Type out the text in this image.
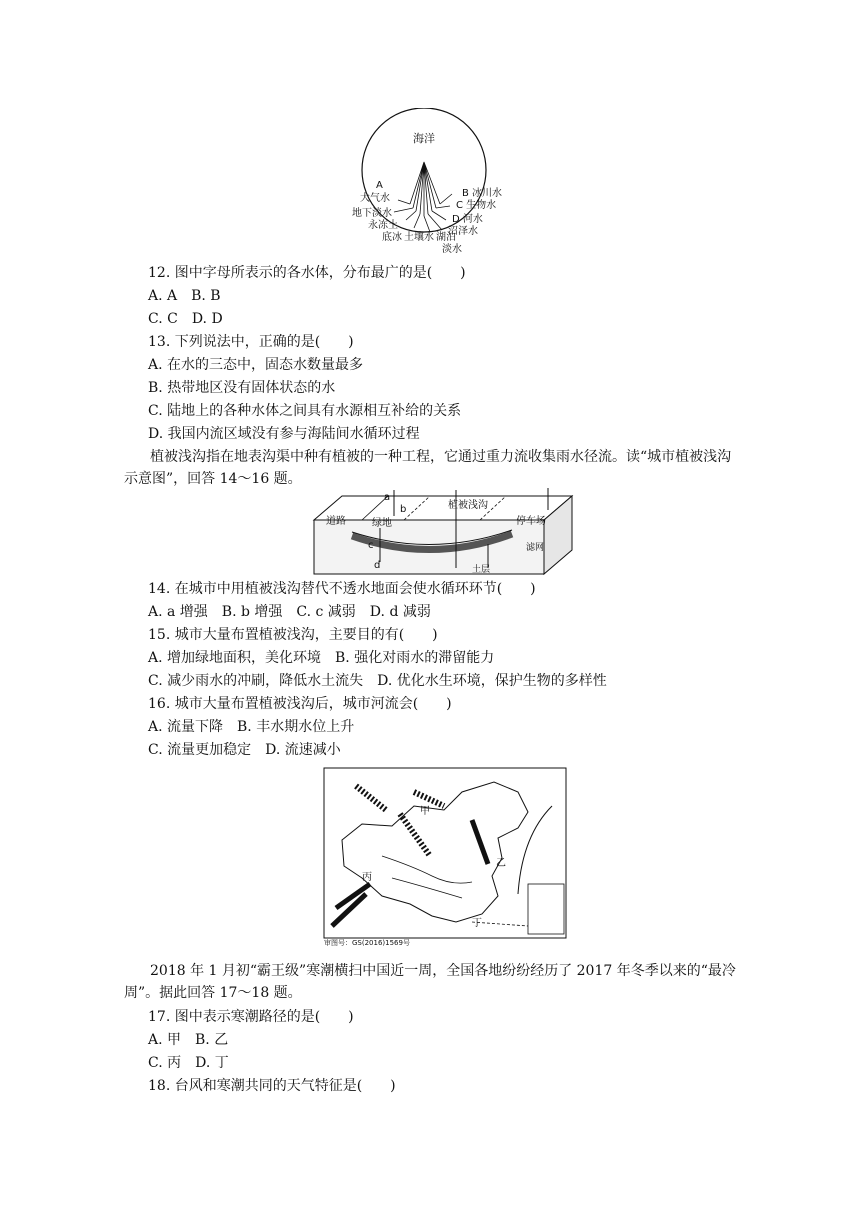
海洋
A
大气水
地下淡水
永冻土
底冰 土壤水 湖泊
淡水
B 冰川水
C 生物水
D 河水
沼泽水
12. 图中字母所表示的各水体，分布最广的是(　　)
A. A　B. B
C. C　D. D
13. 下列说法中，正确的是(　　)
A. 在水的三态中，固态水数量最多
B. 热带地区没有固体状态的水
C. 陆地上的各种水体之间具有水源相互补给的关系
D. 我国内流区域没有参与海陆间水循环过程
植被浅沟指在地表沟渠中种有植被的一种工程，它通过重力流收集雨水径流。读“城市植被浅沟示意图”，回答 14～16 题。
道路	绿地
植被浅沟
停车场
滤网
土层
a
b
c
d
14. 在城市中用植被浅沟替代不透水地面会使水循环环节(　　)
A. a 增强　B. b 增强　C. c 减弱　D. d 减弱
15. 城市大量布置植被浅沟，主要目的有(　　)
A. 增加绿地面积，美化环境　B. 强化对雨水的滞留能力
C. 减少雨水的冲刷，降低水土流失　D. 优化水生环境，保护生物的多样性
16. 城市大量布置植被浅沟后，城市河流会(　　)
A. 流量下降　B. 丰水期水位上升
C. 流量更加稳定　D. 流速减小
甲
乙
丙
丁
审图号：GS(2016)1569号
2018 年 1 月初“霸王级”寒潮横扫中国近一周，全国各地纷纷经历了 2017 年冬季以来的“最冷周”。据此回答 17～18 题。
17. 图中表示寒潮路径的是(　　)
A. 甲　B. 乙
C. 丙　D. 丁
18. 台风和寒潮共同的天气特征是(　　)
